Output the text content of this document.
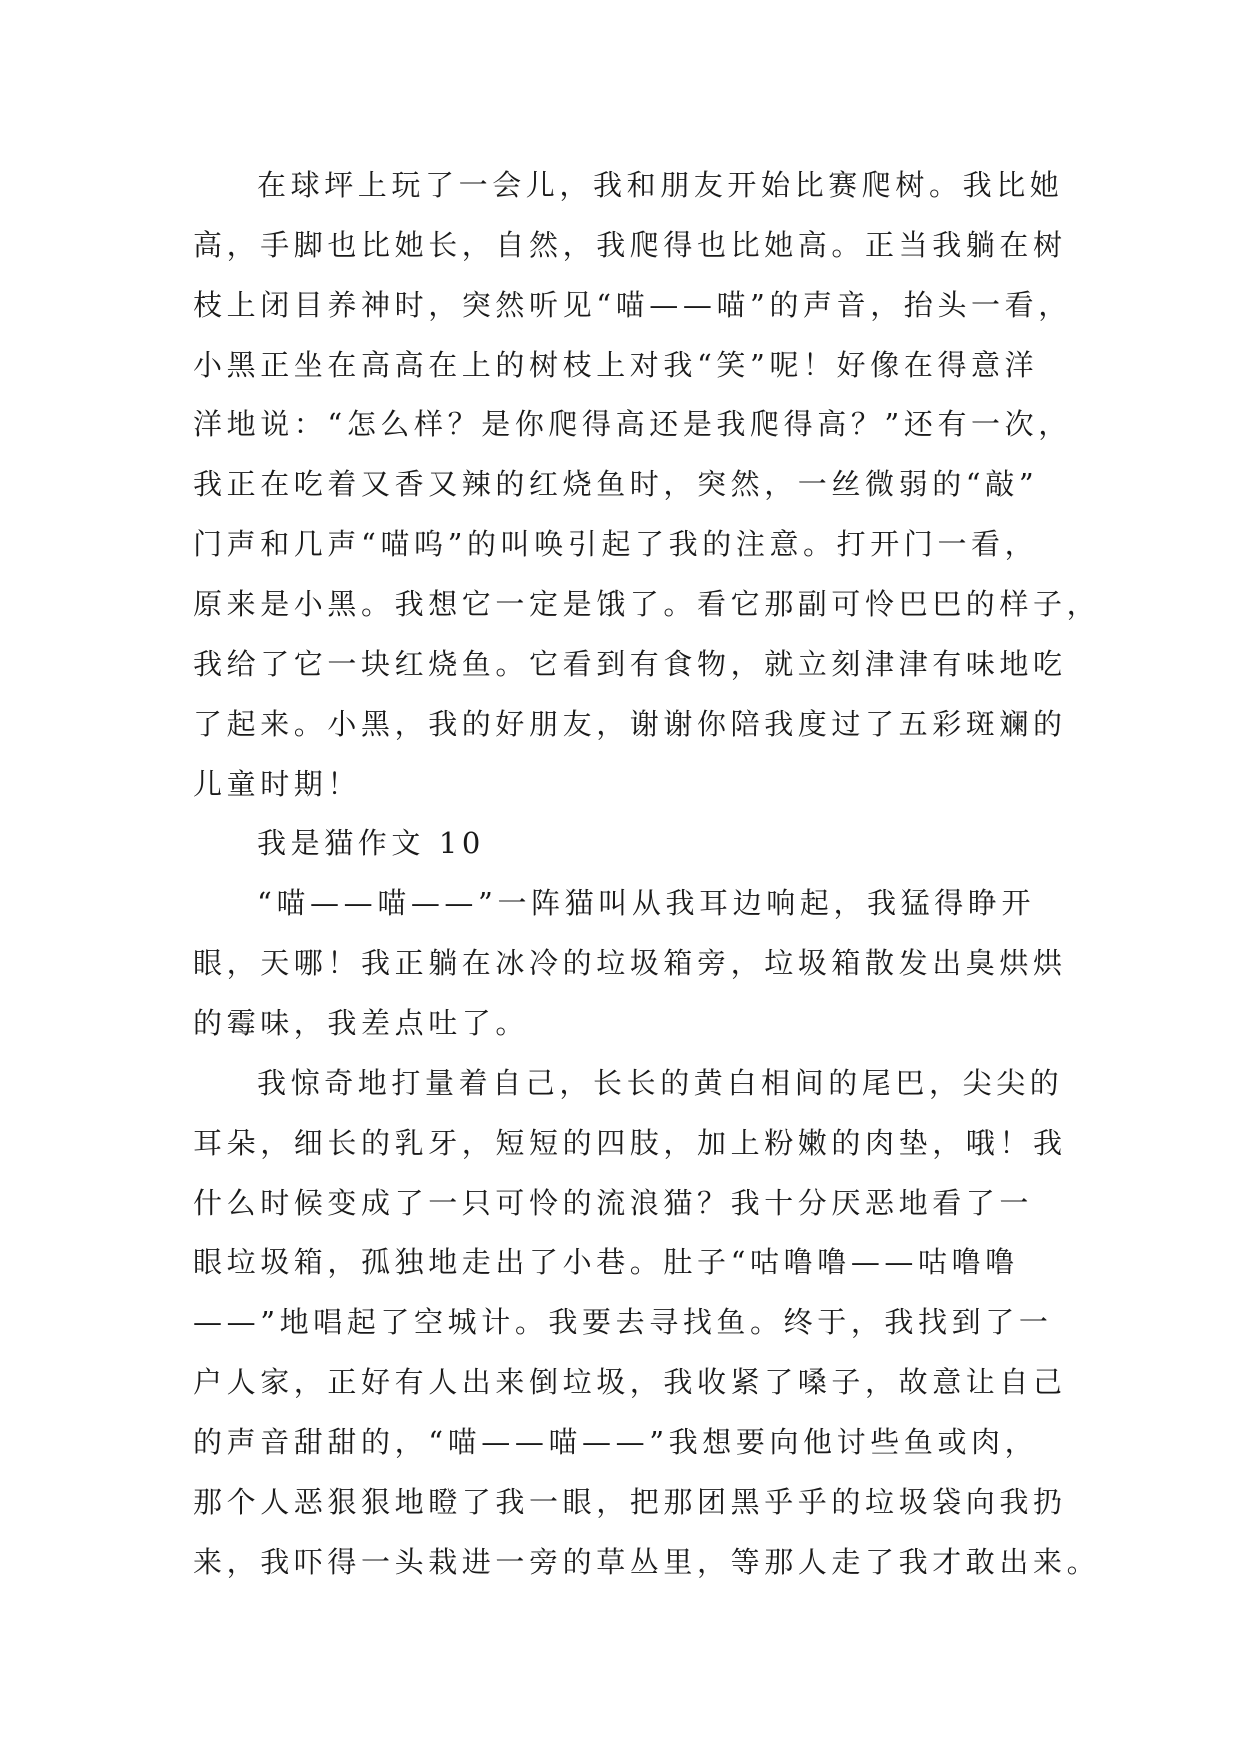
在球坪上玩了一会儿，我和朋友开始比赛爬树。我比她
高，手脚也比她长，自然，我爬得也比她高。正当我躺在树
枝上闭目养神时，突然听见“喵——喵”的声音，抬头一看，
小黑正坐在高高在上的树枝上对我“笑”呢！好像在得意洋
洋地说：“怎么样？是你爬得高还是我爬得高？”还有一次，
我正在吃着又香又辣的红烧鱼时，突然，一丝微弱的“敲”
门声和几声“喵呜”的叫唤引起了我的注意。打开门一看，
原来是小黑。我想它一定是饿了。看它那副可怜巴巴的样子，
我给了它一块红烧鱼。它看到有食物，就立刻津津有味地吃
了起来。小黑，我的好朋友，谢谢你陪我度过了五彩斑斓的
儿童时期！
我是猫作文 10
“喵——喵——”一阵猫叫从我耳边响起，我猛得睁开
眼，天哪！我正躺在冰冷的垃圾箱旁，垃圾箱散发出臭烘烘
的霉味，我差点吐了。
我惊奇地打量着自己，长长的黄白相间的尾巴，尖尖的
耳朵，细长的乳牙，短短的四肢，加上粉嫩的肉垫，哦！我
什么时候变成了一只可怜的流浪猫？我十分厌恶地看了一
眼垃圾箱，孤独地走出了小巷。肚子“咕噜噜——咕噜噜
——”地唱起了空城计。我要去寻找鱼。终于，我找到了一
户人家，正好有人出来倒垃圾，我收紧了嗓子，故意让自己
的声音甜甜的，“喵——喵——”我想要向他讨些鱼或肉，
那个人恶狠狠地瞪了我一眼，把那团黑乎乎的垃圾袋向我扔
来，我吓得一头栽进一旁的草丛里，等那人走了我才敢出来。
